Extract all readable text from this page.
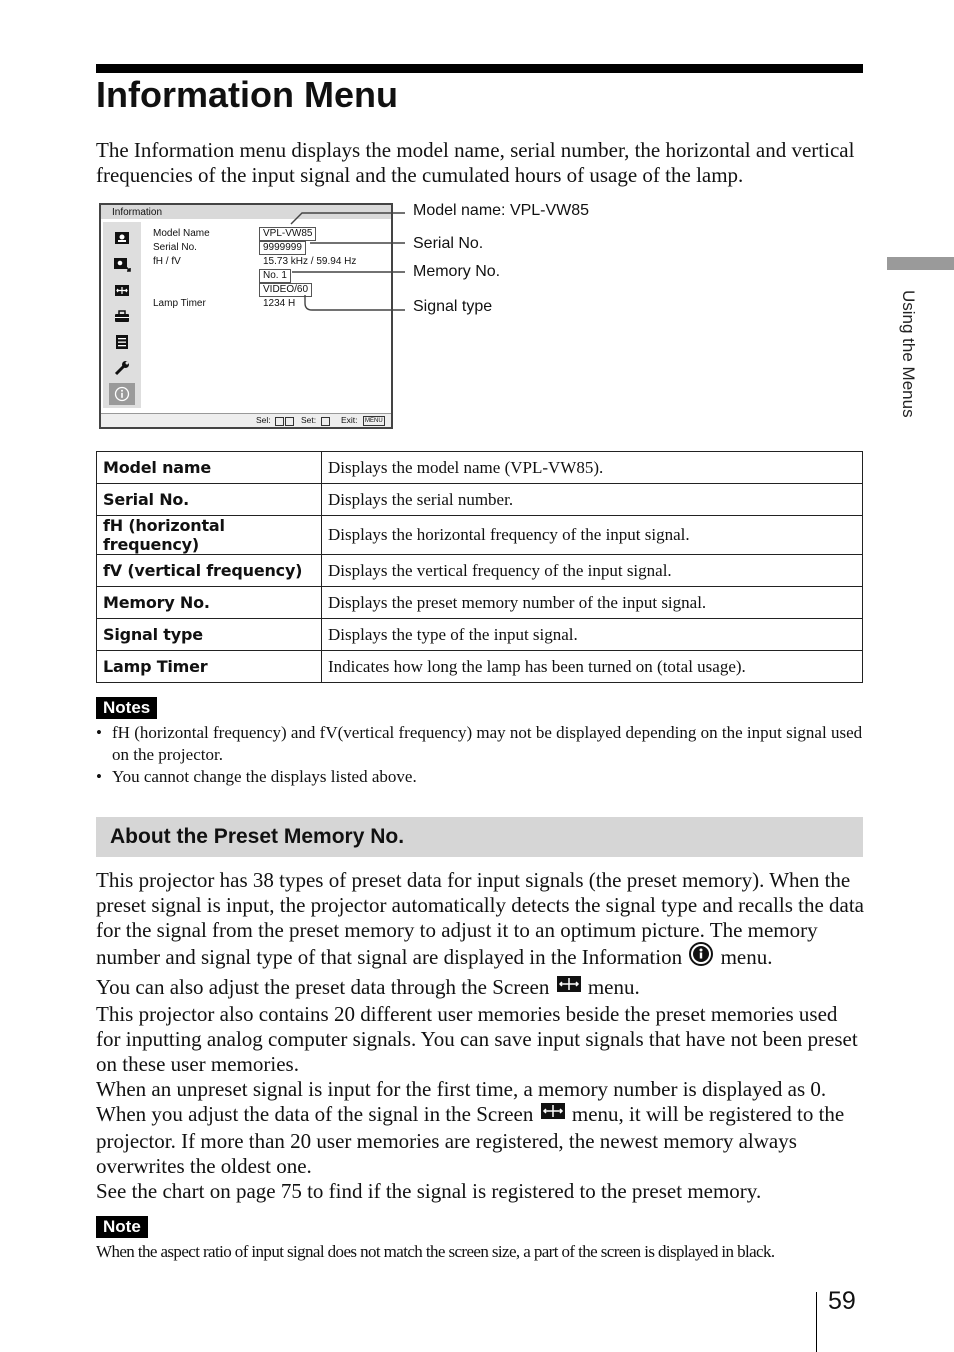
Information Menu
The Information menu displays the model name, serial number, the horizontal and vertical frequencies of the input signal and the cumulated hours of usage of the lamp.
Using the Menus
Information
Model Name
Serial No.
fH / fV
Lamp Timer
VPL-VW85
9999999
15.73 kHz / 59.94 Hz
No. 1
VIDEO/60
1234 H
Sel:	Set:	Exit:	MENU
Model name: VPL-VW85
Serial No.
Memory No.
Signal type
Model name	Displays the model name (VPL-VW85).
Serial No.	Displays the serial number.
fH (horizontal frequency)	Displays the horizontal frequency of the input signal.
fV (vertical frequency)	Displays the vertical frequency of the input signal.
Memory No.	Displays the preset memory number of the input signal.
Signal type	Displays the type of the input signal.
Lamp Timer	Indicates how long the lamp has been turned on (total usage).
Notes
• fH (horizontal frequency) and fV(vertical frequency) may not be displayed depending on the input signal used on the projector.
• You cannot change the displays listed above.
About the Preset Memory No.

This projector has 38 types of preset data for input signals (the preset memory). When the preset signal is input, the projector automatically detects the signal type and recalls the data for the signal from the preset memory to adjust it to an optimum picture. The memory number and signal type of that signal are displayed in the Information menu.

You can also adjust the preset data through the Screen menu.

This projector also contains 20 different user memories beside the preset memories used for inputting analog computer signals. You can save input signals that have not been preset on these user memories.

When an unpreset signal is input for the first time, a memory number is displayed as 0.

When you adjust the data of the signal in the Screen menu, it will be registered to the projector. If more than 20 user memories are registered, the newest memory always overwrites the oldest one.

See the chart on page 75 to find if the signal is registered to the preset memory.

Note
When the aspect ratio of input signal does not match the screen size, a part of the screen is displayed in black.
59
